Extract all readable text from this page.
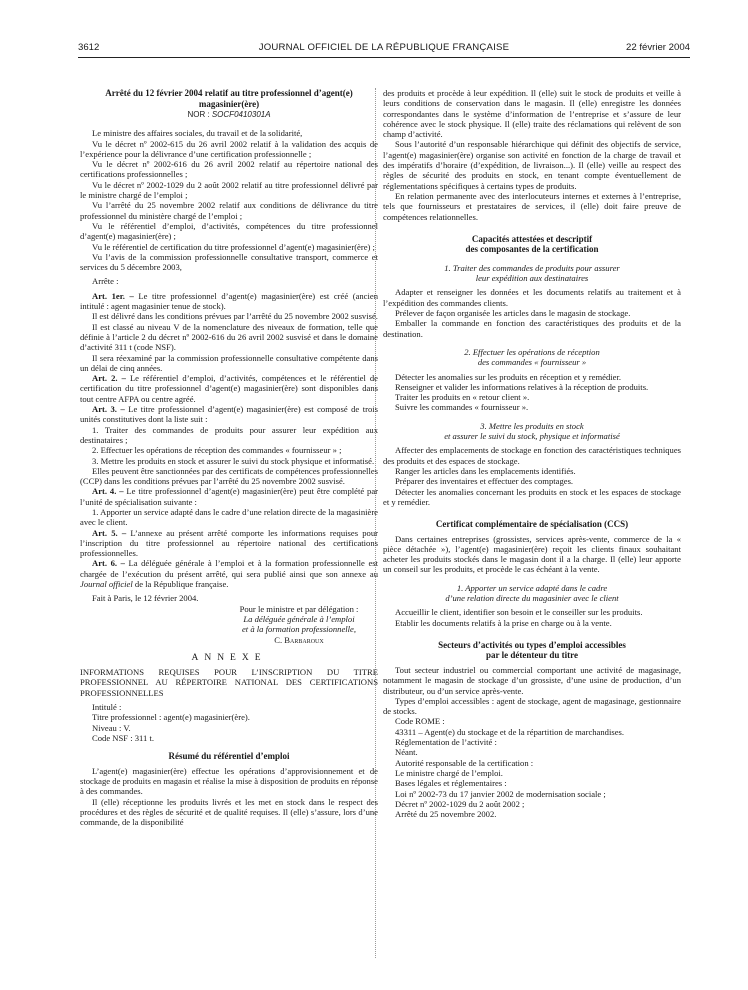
3612	JOURNAL OFFICIEL DE LA RÉPUBLIQUE FRANÇAISE	22 février 2004

Arrêté du 12 février 2004 relatif au titre professionnel d’agent(e) magasinier(ère)

NOR : SOCF0410301A

Le ministre des affaires sociales, du travail et de la solidarité,

Vu le décret nº 2002-615 du 26 avril 2002 relatif à la validation des acquis de l’expérience pour la délivrance d’une certification professionnelle ;

Vu le décret nº 2002-616 du 26 avril 2002 relatif au répertoire national des certifications professionnelles ;

Vu le décret nº 2002-1029 du 2 août 2002 relatif au titre professionnel délivré par le ministre chargé de l’emploi ;

Vu l’arrêté du 25 novembre 2002 relatif aux conditions de délivrance du titre professionnel du ministère chargé de l’emploi ;

Vu le référentiel d’emploi, d’activités, compétences du titre professionnel d’agent(e) magasinier(ère) ;

Vu le référentiel de certification du titre professionnel d’agent(e) magasinier(ère) ;

Vu l’avis de la commission professionnelle consultative transport, commerce et services du 5 décembre 2003,

Arrête :

Art. 1er. – Le titre professionnel d’agent(e) magasinier(ère) est créé (ancien intitulé : agent magasinier tenue de stock).

Il est délivré dans les conditions prévues par l’arrêté du 25 novembre 2002 susvisé.

Il est classé au niveau V de la nomenclature des niveaux de formation, telle que définie à l’article 2 du décret nº 2002-616 du 26 avril 2002 susvisé et dans le domaine d’activité 311 t (code NSF).

Il sera réexaminé par la commission professionnelle consultative compétente dans un délai de cinq années.

Art. 2. – Le référentiel d’emploi, d’activités, compétences et le référentiel de certification du titre professionnel d’agent(e) magasinier(ère) sont disponibles dans tout centre AFPA ou centre agréé.

Art. 3. – Le titre professionnel d’agent(e) magasinier(ère) est composé de trois unités constitutives dont la liste suit :

1. Traiter des commandes de produits pour assurer leur expédition aux destinataires ;

2. Effectuer les opérations de réception des commandes « fournisseur » ;

3. Mettre les produits en stock et assurer le suivi du stock physique et informatisé.

Elles peuvent être sanctionnées par des certificats de compétences professionnelles (CCP) dans les conditions prévues par l’arrêté du 25 novembre 2002 susvisé.

Art. 4. – Le titre professionnel d’agent(e) magasinier(ère) peut être complété par l’unité de spécialisation suivante :

1. Apporter un service adapté dans le cadre d’une relation directe de la magasinière avec le client.

Art. 5. – L’annexe au présent arrêté comporte les informations requises pour l’inscription du titre professionnel au répertoire national des certifications professionnelles.

Art. 6. – La déléguée générale à l’emploi et à la formation professionnelle est chargée de l’exécution du présent arrêté, qui sera publié ainsi que son annexe au Journal officiel de la République française.

Fait à Paris, le 12 février 2004.

Pour le ministre et par délégation :

La déléguée générale à l’emploi

et à la formation professionnelle,

C. Barbaroux

ANNEXE

INFORMATIONS REQUISES POUR L’INSCRIPTION DU TITRE PROFESSIONNEL AU RÉPERTOIRE NATIONAL DES CERTIFICATIONS PROFESSIONNELLES

Intitulé :

Titre professionnel : agent(e) magasinier(ère).

Niveau : V.

Code NSF : 311 t.

Résumé du référentiel d’emploi

L’agent(e) magasinier(ère) effectue les opérations d’approvisionnement et de stockage de produits en magasin et réalise la mise à disposition de produits en réponse à des commandes.

Il (elle) réceptionne les produits livrés et les met en stock dans le respect des procédures et des règles de sécurité et de qualité requises. Il (elle) s’assure, lors d’une commande, de la disponibilité

des produits et procède à leur expédition. Il (elle) suit le stock de produits et veille à leurs conditions de conservation dans le magasin. Il (elle) enregistre les données correspondantes dans le système d’information de l’entreprise et s’assure de leur cohérence avec le stock physique. Il (elle) traite des réclamations qui relèvent de son champ d’activité.

Sous l’autorité d’un responsable hiérarchique qui définit des objectifs de service, l’agent(e) magasinier(ère) organise son activité en fonction de la charge de travail et des impératifs d’horaire (d’expédition, de livraison...). Il (elle) veille au respect des règles de sécurité des produits en stock, en tenant compte éventuellement de réglementations spécifiques à certains types de produits.

En relation permanente avec des interlocuteurs internes et externes à l’entreprise, tels que fournisseurs et prestataires de services, il (elle) doit faire preuve de compétences relationnelles.

Capacités attestées et descriptif

des composantes de la certification

1. Traiter des commandes de produits pour assurer

leur expédition aux destinataires

Adapter et renseigner les données et les documents relatifs au traitement et à l’expédition des commandes clients.

Prélever de façon organisée les articles dans le magasin de stockage.

Emballer la commande en fonction des caractéristiques des produits et de la destination.

2. Effectuer les opérations de réception

des commandes « fournisseur »

Détecter les anomalies sur les produits en réception et y remédier.

Renseigner et valider les informations relatives à la réception de produits.

Traiter les produits en « retour client ».

Suivre les commandes « fournisseur ».

3. Mettre les produits en stock

et assurer le suivi du stock, physique et informatisé

Affecter des emplacements de stockage en fonction des caractéristiques techniques des produits et des espaces de stockage.

Ranger les articles dans les emplacements identifiés.

Préparer des inventaires et effectuer des comptages.

Détecter les anomalies concernant les produits en stock et les espaces de stockage et y remédier.

Certificat complémentaire de spécialisation (CCS)

Dans certaines entreprises (grossistes, services après-vente, commerce de la « pièce détachée »), l’agent(e) magasinier(ère) reçoit les clients finaux souhaitant acheter les produits stockés dans le magasin dont il a la charge. Il (elle) leur apporte un conseil sur les produits, et procède le cas échéant à la vente.

1. Apporter un service adapté dans le cadre

d’une relation directe du magasinier avec le client

Accueillir le client, identifier son besoin et le conseiller sur les produits.

Etablir les documents relatifs à la prise en charge ou à la vente.

Secteurs d’activités ou types d’emploi accessibles

par le détenteur du titre

Tout secteur industriel ou commercial comportant une activité de magasinage, notamment le magasin de stockage d’un grossiste, d’une usine de production, d’un distributeur, ou d’un service après-vente.

Types d’emploi accessibles : agent de stockage, agent de magasinage, gestionnaire de stocks.

Code ROME :

43311 – Agent(e) du stockage et de la répartition de marchandises.

Réglementation de l’activité :

Néant.

Autorité responsable de la certification :

Le ministre chargé de l’emploi.

Bases légales et réglementaires :

Loi nº 2002-73 du 17 janvier 2002 de modernisation sociale ;

Décret nº 2002-1029 du 2 août 2002 ;

Arrêté du 25 novembre 2002.
